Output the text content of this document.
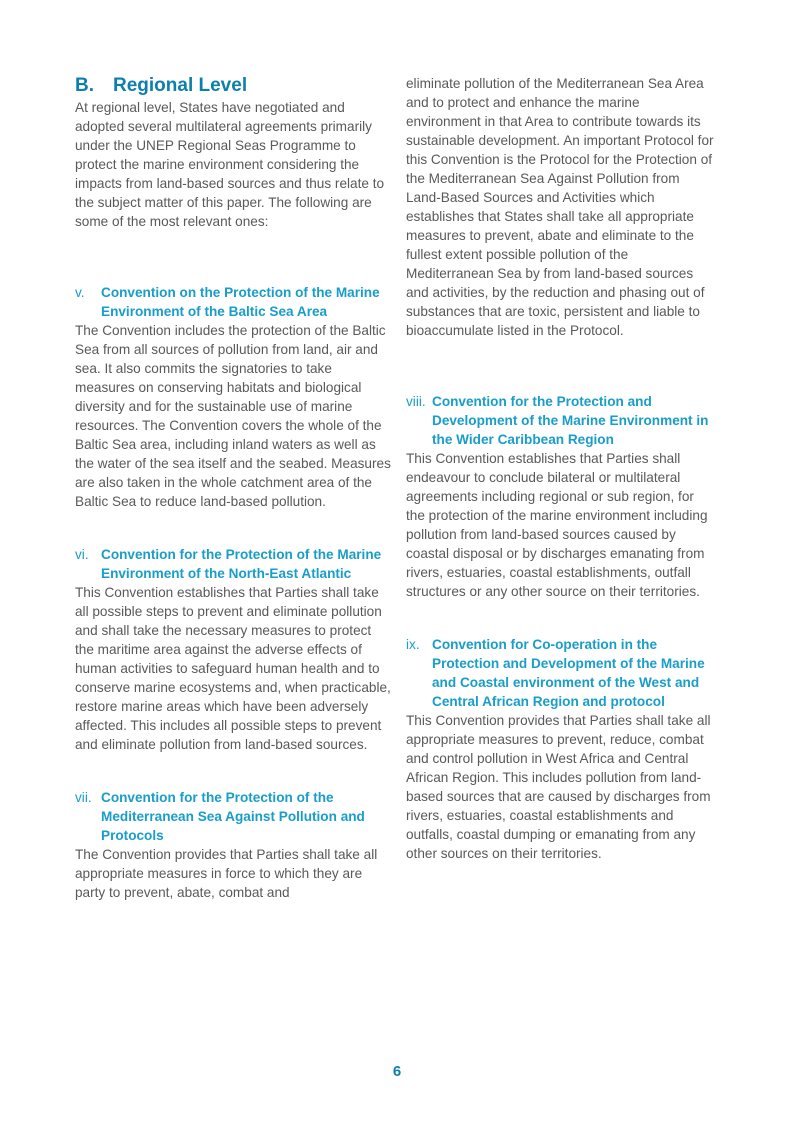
B.	Regional Level

At regional level, States have negotiated and adopted several multilateral agreements primarily under the UNEP Regional Seas Programme to protect the marine environment considering the impacts from land-based sources and thus relate to the subject matter of this paper. The following are some of the most relevant ones:

v.	Convention on the Protection of the Marine Environment of the Baltic Sea Area

The Convention includes the protection of the Baltic Sea from all sources of pollution from land, air and sea. It also commits the signatories to take measures on conserving habitats and biological diversity and for the sustainable use of marine resources. The Convention covers the whole of the Baltic Sea area, including inland waters as well as the water of the sea itself and the seabed. Measures are also taken in the whole catchment area of the Baltic Sea to reduce land-based pollution.

vi. Convention for the Protection of the Marine Environment of the North-East Atlantic

This Convention establishes that Parties shall take all possible steps to prevent and eliminate pollution and shall take the necessary measures to protect the maritime area against the adverse effects of human activities to safeguard human health and to conserve marine ecosystems and, when practicable, restore marine areas which have been adversely affected. This includes all possible steps to prevent and eliminate pollution from land-based sources.

vii. Convention for the Protection of the Mediterranean Sea Against Pollution and Protocols

The Convention provides that Parties shall take all appropriate measures in force to which they are party to prevent, abate, combat and

eliminate pollution of the Mediterranean Sea Area and to protect and enhance the marine environment in that Area to contribute towards its sustainable development. An important Protocol for this Convention is the Protocol for the Protection of the Mediterranean Sea Against Pollution from Land-Based Sources and Activities which establishes that States shall take all appropriate measures to prevent, abate and eliminate to the fullest extent possible pollution of the Mediterranean Sea by from land-based sources and activities, by the reduction and phasing out of substances that are toxic, persistent and liable to bioaccumulate listed in the Protocol.

viii. Convention for the Protection and Development of the Marine Environment in the Wider Caribbean Region

This Convention establishes that Parties shall endeavour to conclude bilateral or multilateral agreements including regional or sub region, for the protection of the marine environment including pollution from land-based sources caused by coastal disposal or by discharges emanating from rivers, estuaries, coastal establishments, outfall structures or any other source on their territories.

ix. Convention for Co-operation in the Protection and Development of the Marine and Coastal environment of the West and Central African Region and protocol

This Convention provides that Parties shall take all appropriate measures to prevent, reduce, combat and control pollution in West Africa and Central African Region. This includes pollution from land-based sources that are caused by discharges from rivers, estuaries, coastal establishments and outfalls, coastal dumping or emanating from any other sources on their territories.

6
